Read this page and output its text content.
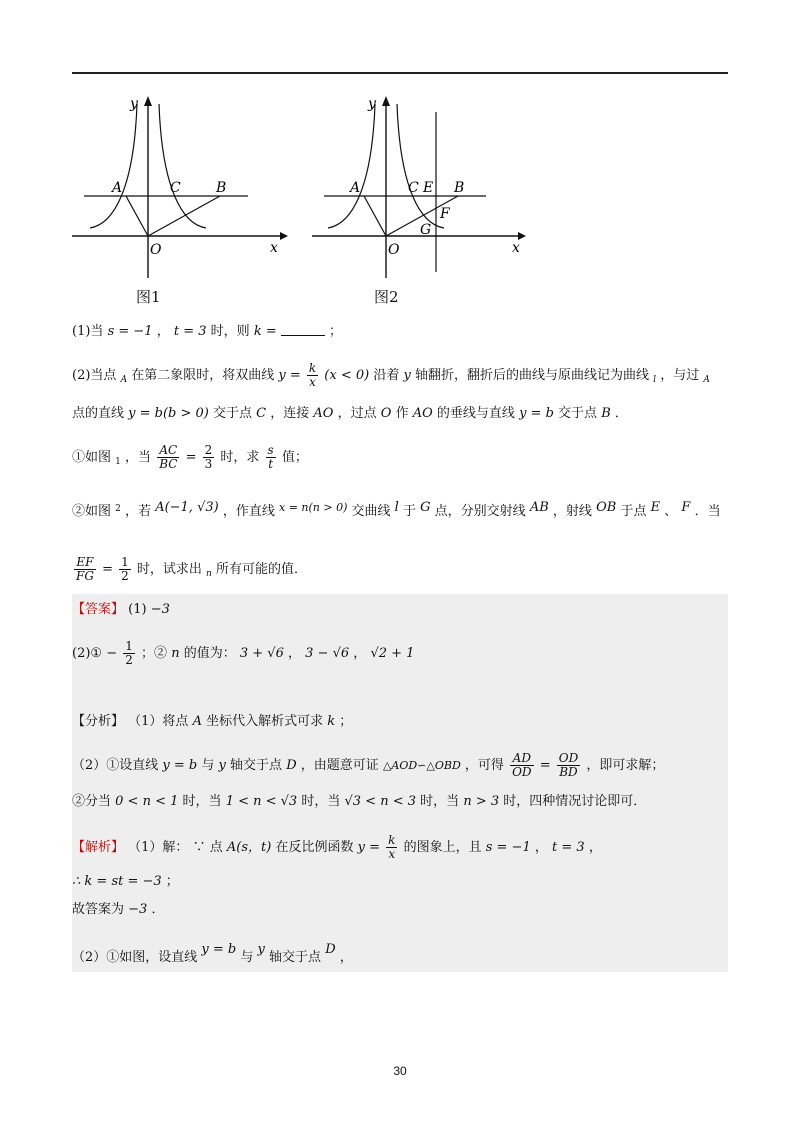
y
x
O
A	C	B
图1
y
x
O
A	C E B
F
G
图2
(1)当 s = −1 ， t = 3 时，则 k =	；
(2)当点 $_A$ 在第二象限时，将双曲线 $y = \frac{k}{x} (x < 0)$ 沿着 y 轴翻折，翻折后的曲线与原曲线记为曲线 $_l$ ，与过 $_A$
点的直线 y = b(b > 0) 交于点 C ，连接 AO ，过点 O 作 AO 的垂线与直线 y = b 交于点 B ．
①如图 $_1$ ，当 $\frac{AC}{BC} = \frac{2}{3}$ 时，求 $\frac{s}{t}$ 值；
②如图 $^2$ ，若 A(−1, √3) ，作直线 $^{x = n(n > 0)}$ 交曲线 l 于 G 点，分别交射线 AB ，射线 OB 于点 E 、 F ．当
$\frac{EF}{FG} = \frac{1}{2}$ 时，试求出 $_n$ 所有可能的值．
【答案】 (1) −3
(2)① − $\frac{1}{2}$ ；② n 的值为： 3 + √6 ， 3 − √6 ， √2 + 1
【分析】 （1）将点 A 坐标代入解析式可求 k ；
（2）①设直线 y = b 与 y 轴交于点 D ，由题意可证 △AOD∽△OBD ，可得 $\frac{AD}{OD} = \frac{OD}{BD}$ ，即可求解；
②分当 0 < n < 1 时，当 1 < n < √3 时，当 √3 < n < 3 时，当 n > 3 时，四种情况讨论即可．
【解析】 （1）解： ∵ 点 A(s，t) 在反比例函数 $y = \frac{k}{x}$ 的图象上，且 s = −1 ， t = 3 ，
∴ k = st = −3 ；
故答案为 −3 ．
（2）①如图，设直线 y = b 与 y 轴交于点 D ，
30
